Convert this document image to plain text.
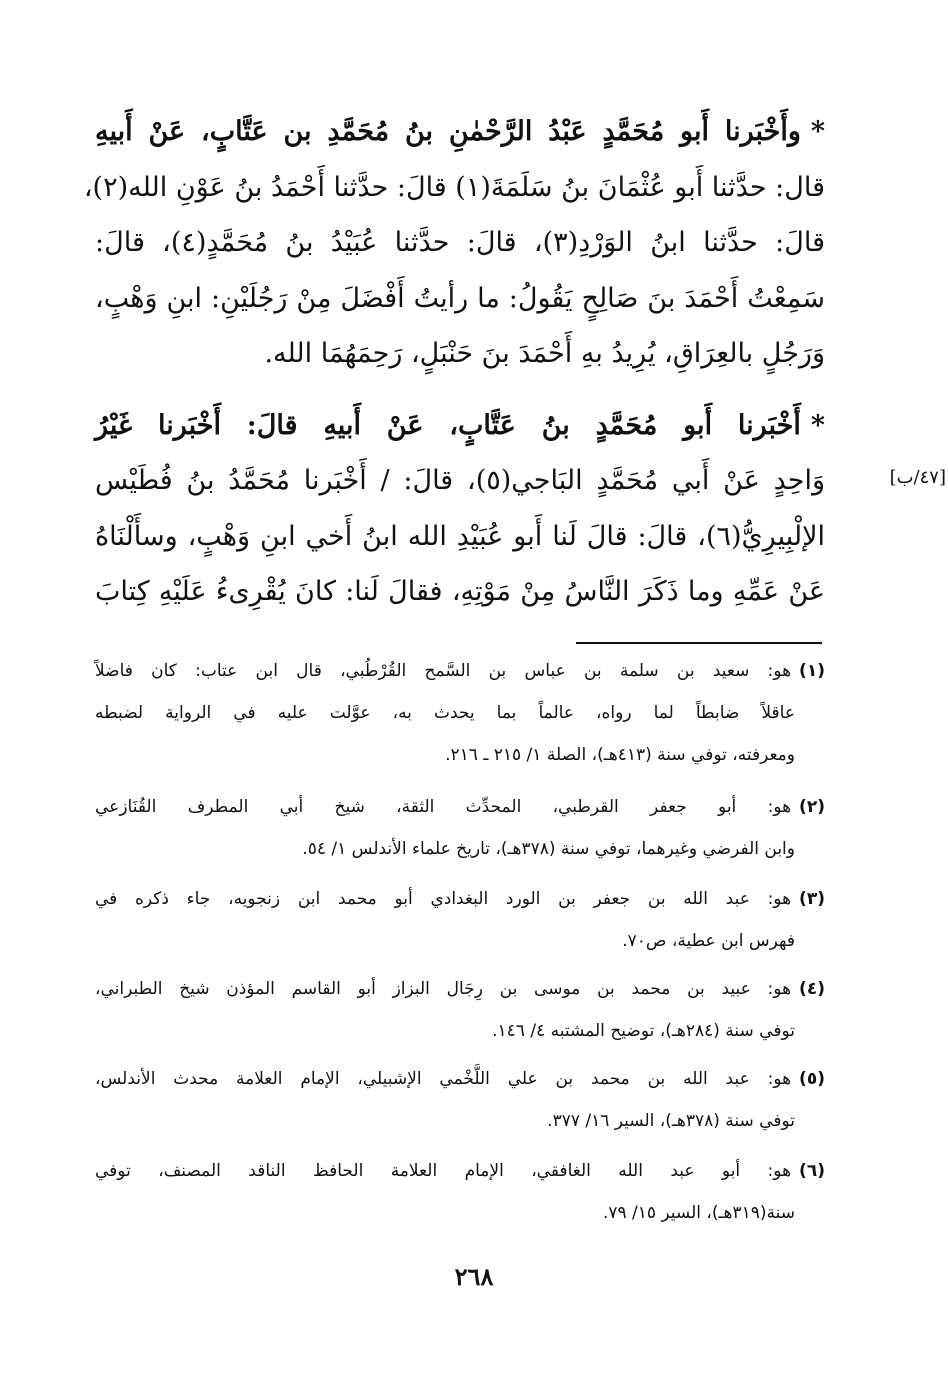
*وأَخْبَرنا أَبو مُحَمَّدٍ عَبْدُ الرَّحْمٰنِ بنُ مُحَمَّدِ بن عَتَّابٍ، عَنْ أَبيهِ
قال: حدَّثنا أَبو عُثْمَانَ بنُ سَلَمَةَ(١) قالَ: حدَّثنا أَحْمَدُ بنُ عَوْنِ الله(٢)،
قالَ: حدَّثنا ابنُ الوَرْدِ(٣)، قالَ: حدَّثنا عُبَيْدُ بنُ مُحَمَّدٍ(٤)، قالَ:
سَمِعْتُ أَحْمَدَ بنَ صَالِحٍ يَقُولُ: ما رأيتُ أَفْضَلَ مِنْ رَجُلَيْنِ: ابنِ وَهْبٍ،
وَرَجُلٍ بالعِرَاقِ، يُرِيدُ بهِ أَحْمَدَ بنَ حَنْبَلٍ، رَحِمَهُمَا الله.
*أَخْبَرنا أَبو مُحَمَّدٍ بنُ عَتَّابٍ، عَنْ أَبيهِ قالَ: أَخْبَرنا غَيْرُ
وَاحِدٍ عَنْ أَبي مُحَمَّدٍ البَاجي(٥)، قالَ: / أَخْبَرنا مُحَمَّدُ بنُ فُطَيْس
الإلْبِيرِيُّ(٦)، قالَ: قالَ لَنا أَبو عُبَيْدِ الله ابنُ أَخي ابنِ وَهْبٍ، وسأَلْنَاهُ
عَنْ عَمِّهِ وما ذَكَرَ النَّاسُ مِنْ مَوْتِهِ، فقالَ لَنا: كانَ يُقْرِىءُ عَلَيْهِ كِتابَ
[٤٧/ب]
(١)هو: سعيد بن سلمة بن عباس بن السَّمح القُرْطُبي، قال ابن عتاب: كان فاضلاً
عاقلاً ضابطاً لما رواه، عالماً بما يحدث به، عوَّلت عليه في الرواية لضبطه
ومعرفته، توفي سنة (٤١٣هـ)، الصلة ١/ ٢١٥ ـ ٢١٦.
(٢)هو: أبو جعفر القرطبي، المحدِّث الثقة، شيخ أبي المطرف القُنَازعي
وابن الفرضي وغيرهما، توفي سنة (٣٧٨هـ)، تاريخ علماء الأندلس ١/ ٥٤.
(٣)هو: عبد الله بن جعفر بن الورد البغدادي أبو محمد ابن زنجويه، جاء ذكره في
فهرس ابن عطية، ص٧٠.
(٤)هو: عبيد بن محمد بن موسى بن رِجَال البزاز أبو القاسم المؤذن شيخ الطبراني،
توفي سنة (٢٨٤هـ)، توضيح المشتبه ٤/ ١٤٦.
(٥)هو: عبد الله بن محمد بن علي اللَّخْمي الإشبيلي، الإمام العلامة محدث الأندلس،
توفي سنة (٣٧٨هـ)، السير ١٦/ ٣٧٧.
(٦)هو: أبو عبد الله الغافقي، الإمام العلامة الحافظ الناقد المصنف، توفي
سنة(٣١٩هـ)، السير ١٥/ ٧٩.
٢٦٨
